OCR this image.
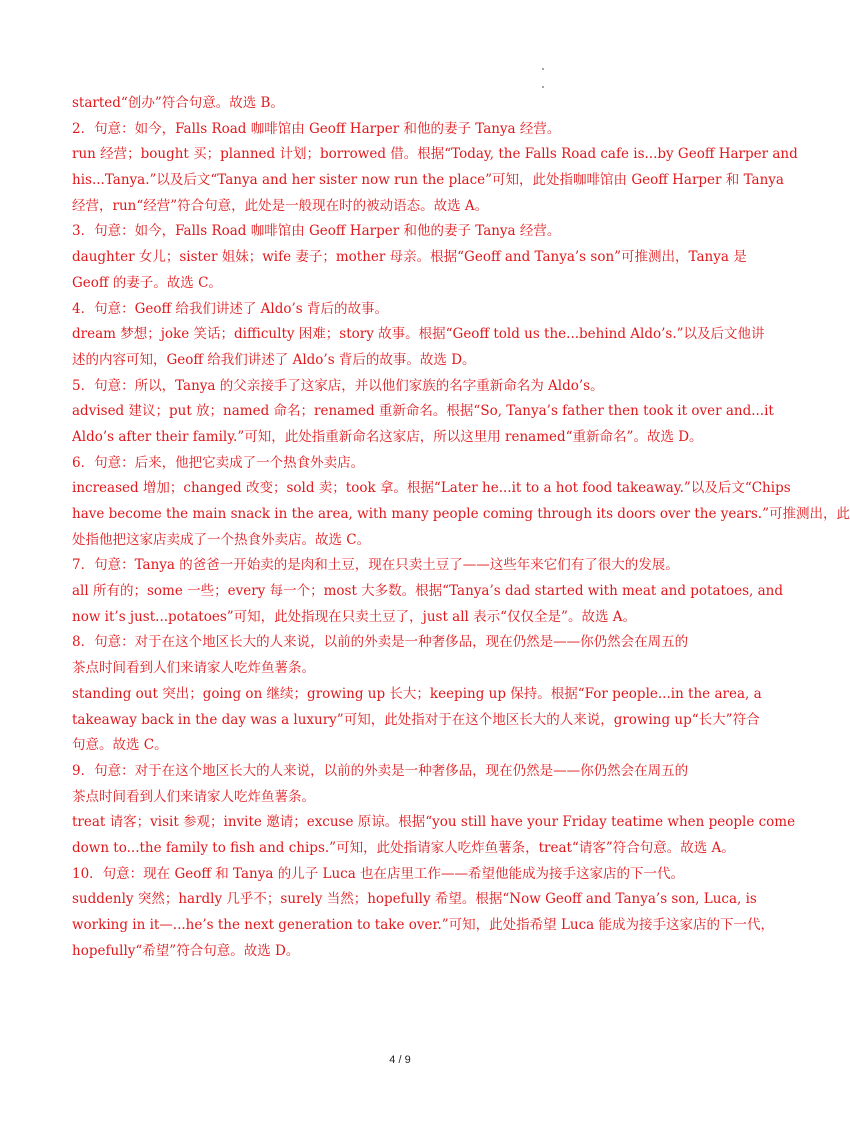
started“创办”符合句意。故选 B。
2．句意：如今，Falls Road 咖啡馆由 Geoff Harper 和他的妻子 Tanya 经营。
run 经营；bought 买；planned 计划；borrowed 借。根据“Today, the Falls Road cafe is...by Geoff Harper and
his...Tanya.”以及后文“Tanya and her sister now run the place”可知，此处指咖啡馆由 Geoff Harper 和 Tanya
经营，run“经营”符合句意，此处是一般现在时的被动语态。故选 A。
3．句意：如今，Falls Road 咖啡馆由 Geoff Harper 和他的妻子 Tanya 经营。
daughter 女儿；sister 姐妹；wife 妻子；mother 母亲。根据“Geoff and Tanya’s son”可推测出，Tanya 是
Geoff 的妻子。故选 C。
4．句意：Geoff 给我们讲述了 Aldo’s 背后的故事。
dream 梦想；joke 笑话；difficulty 困难；story 故事。根据“Geoff told us the...behind Aldo’s.”以及后文他讲
述的内容可知，Geoff 给我们讲述了 Aldo’s 背后的故事。故选 D。
5．句意：所以，Tanya 的父亲接手了这家店，并以他们家族的名字重新命名为 Aldo’s。
advised 建议；put 放；named 命名；renamed 重新命名。根据“So, Tanya’s father then took it over and...it
Aldo’s after their family.”可知，此处指重新命名这家店，所以这里用 renamed“重新命名”。故选 D。
6．句意：后来，他把它卖成了一个热食外卖店。
increased 增加；changed 改变；sold 卖；took 拿。根据“Later he...it to a hot food takeaway.”以及后文“Chips
have become the main snack in the area, with many people coming through its doors over the years.”可推测出，此
处指他把这家店卖成了一个热食外卖店。故选 C。
7．句意：Tanya 的爸爸一开始卖的是肉和土豆，现在只卖土豆了——这些年来它们有了很大的发展。
all 所有的；some 一些；every 每一个；most 大多数。根据“Tanya’s dad started with meat and potatoes, and
now it’s just...potatoes”可知，此处指现在只卖土豆了，just all 表示“仅仅全是”。故选 A。
8．句意：对于在这个地区长大的人来说，以前的外卖是一种奢侈品，现在仍然是——你仍然会在周五的
茶点时间看到人们来请家人吃炸鱼薯条。
standing out 突出；going on 继续；growing up 长大；keeping up 保持。根据“For people...in the area, a
takeaway back in the day was a luxury”可知，此处指对于在这个地区长大的人来说，growing up“长大”符合
句意。故选 C。
9．句意：对于在这个地区长大的人来说，以前的外卖是一种奢侈品，现在仍然是——你仍然会在周五的
茶点时间看到人们来请家人吃炸鱼薯条。
treat 请客；visit 参观；invite 邀请；excuse 原谅。根据“you still have your Friday teatime when people come
down to...the family to fish and chips.”可知，此处指请家人吃炸鱼薯条，treat“请客”符合句意。故选 A。
10．句意：现在 Geoff 和 Tanya 的儿子 Luca 也在店里工作——希望他能成为接手这家店的下一代。
suddenly 突然；hardly 几乎不；surely 当然；hopefully 希望。根据“Now Geoff and Tanya’s son, Luca, is
working in it—...he’s the next generation to take over.”可知，此处指希望 Luca 能成为接手这家店的下一代，
hopefully“希望”符合句意。故选 D。
4 / 9
